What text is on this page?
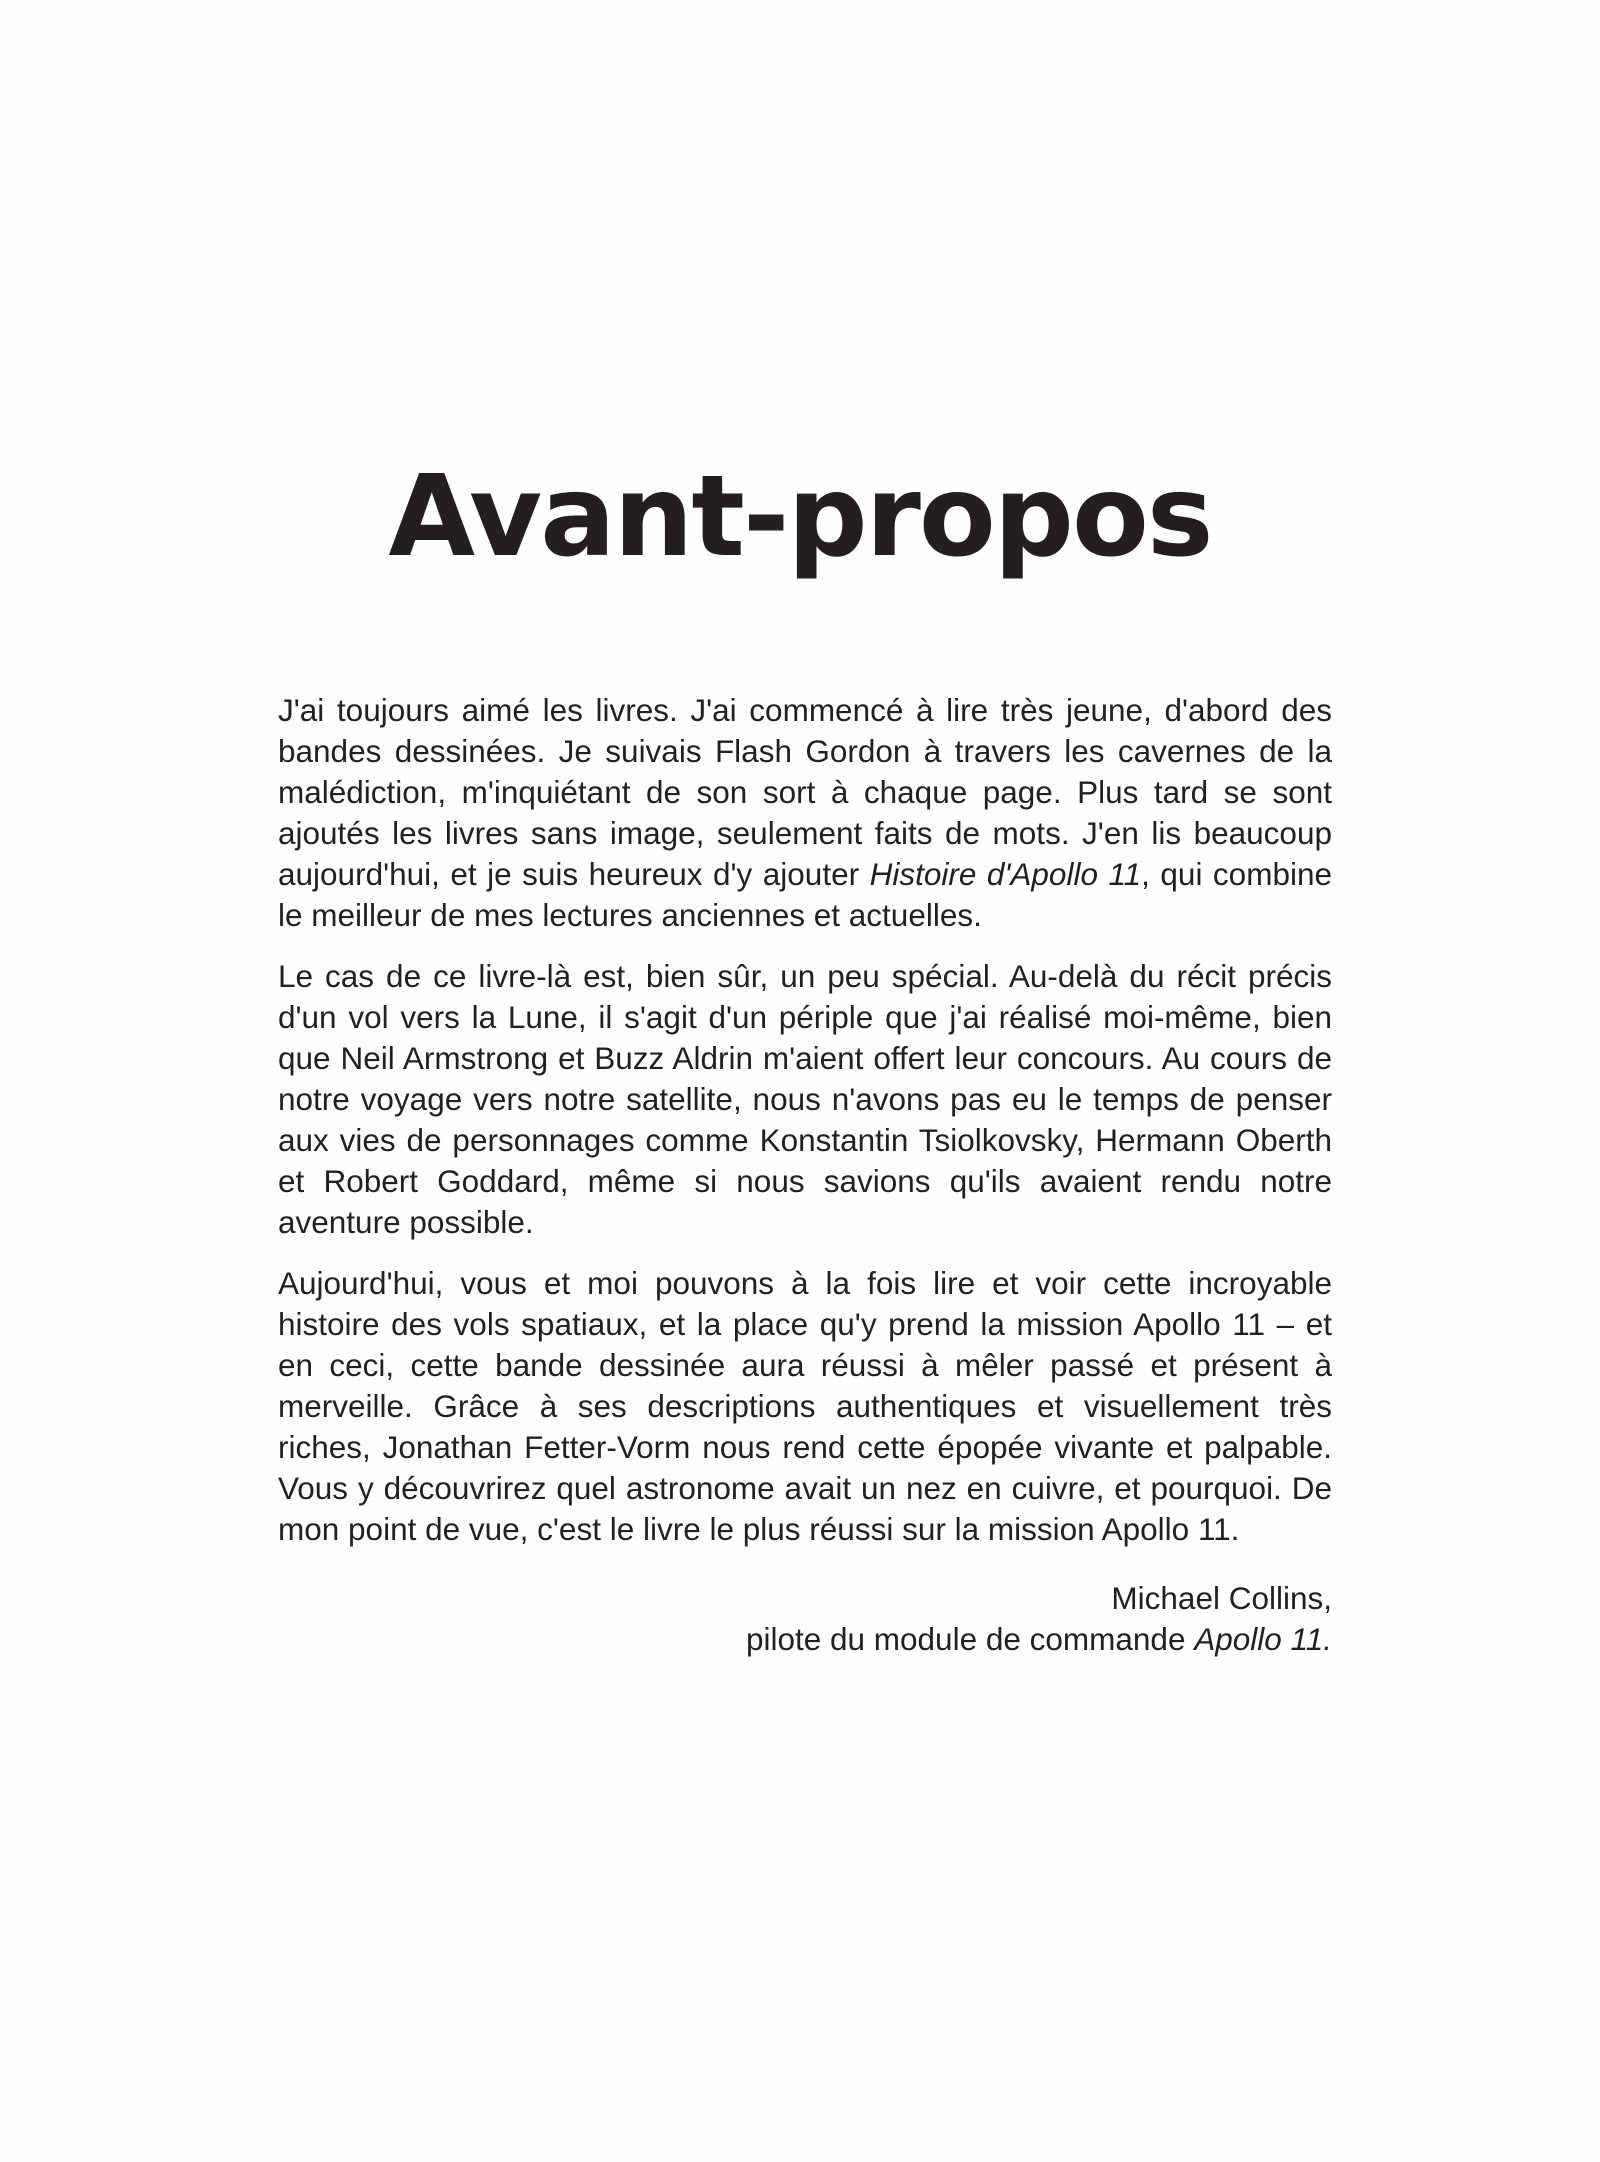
Avant-propos

J'ai toujours aimé les livres. J'ai commencé à lire très jeune, d'abord des bandes dessinées. Je suivais Flash Gordon à travers les cavernes de la malédiction, m'inquiétant de son sort à chaque page. Plus tard se sont ajoutés les livres sans image, seulement faits de mots. J'en lis beaucoup aujourd'hui, et je suis heureux d'y ajouter Histoire d'Apollo 11, qui combine le meilleur de mes lectures anciennes et actuelles.

Le cas de ce livre-là est, bien sûr, un peu spécial. Au-delà du récit précis d'un vol vers la Lune, il s'agit d'un périple que j'ai réalisé moi-même, bien que Neil Armstrong et Buzz Aldrin m'aient offert leur concours. Au cours de notre voyage vers notre satellite, nous n'avons pas eu le temps de penser aux vies de personnages comme Konstantin Tsiolkovsky, Hermann Oberth et Robert Goddard, même si nous savions qu'ils avaient rendu notre aventure possible.

Aujourd'hui, vous et moi pouvons à la fois lire et voir cette incroyable histoire des vols spatiaux, et la place qu'y prend la mission Apollo 11 – et en ceci, cette bande dessinée aura réussi à mêler passé et présent à merveille. Grâce à ses descriptions authentiques et visuellement très riches, Jonathan Fetter-Vorm nous rend cette épopée vivante et palpable. Vous y découvrirez quel astronome avait un nez en cuivre, et pourquoi. De mon point de vue, c'est le livre le plus réussi sur la mission Apollo 11.

Michael Collins,
pilote du module de commande Apollo 11.
